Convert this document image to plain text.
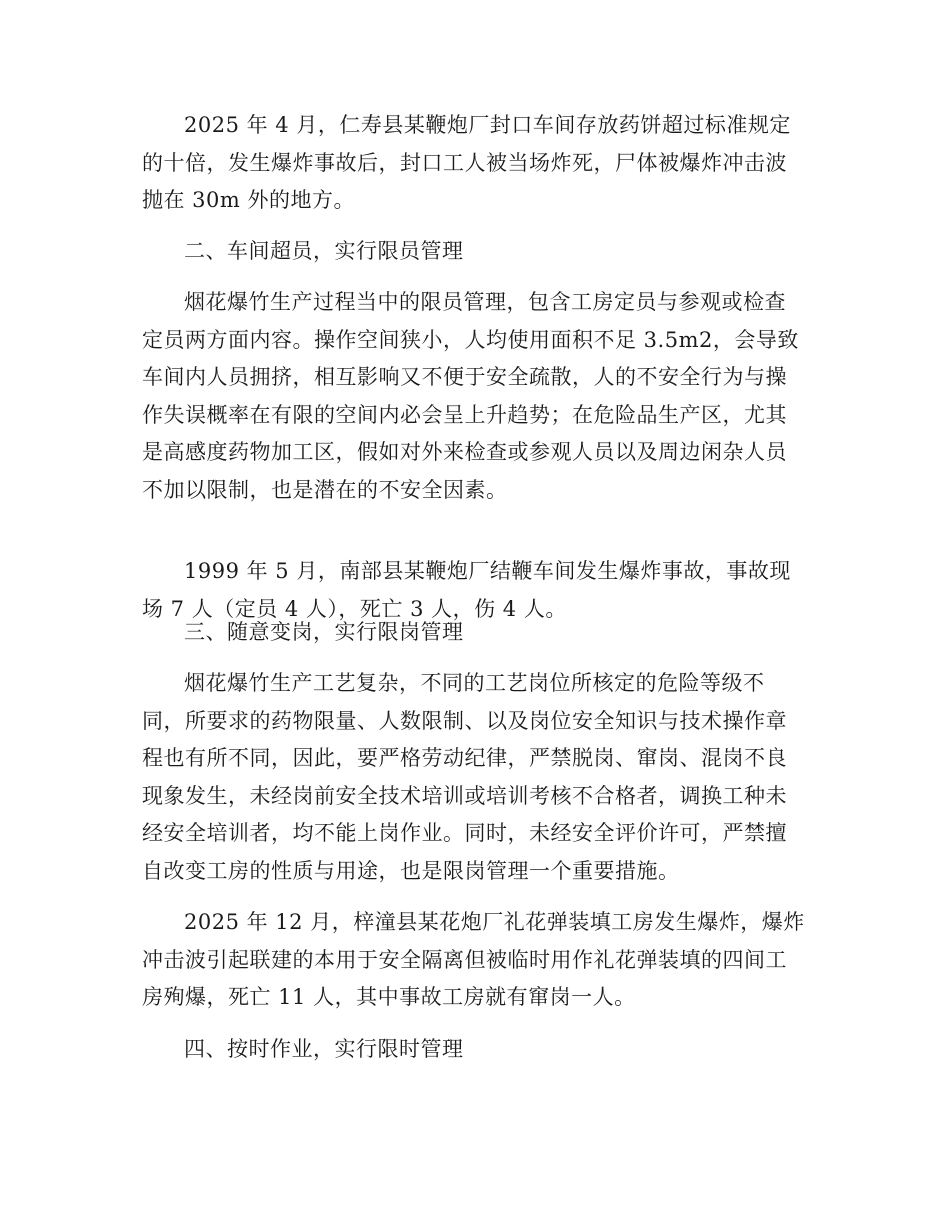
2025 年 4 月，仁寿县某鞭炮厂封口车间存放药饼超过标准规定的十倍，发生爆炸事故后，封口工人被当场炸死，尸体被爆炸冲击波抛在 30m 外的地方。

二、车间超员，实行限员管理

烟花爆竹生产过程当中的限员管理，包含工房定员与参观或检查定员两方面内容。操作空间狭小，人均使用面积不足 3.5m2，会导致车间内人员拥挤，相互影响又不便于安全疏散，人的不安全行为与操作失误概率在有限的空间内必会呈上升趋势；在危险品生产区，尤其是高感度药物加工区，假如对外来检查或参观人员以及周边闲杂人员不加以限制，也是潜在的不安全因素。

1999 年 5 月，南部县某鞭炮厂结鞭车间发生爆炸事故，事故现场 7 人（定员 4 人），死亡 3 人，伤 4 人。

三、随意变岗，实行限岗管理

烟花爆竹生产工艺复杂，不同的工艺岗位所核定的危险等级不同，所要求的药物限量、人数限制、以及岗位安全知识与技术操作章程也有所不同，因此，要严格劳动纪律，严禁脱岗、窜岗、混岗不良现象发生，未经岗前安全技术培训或培训考核不合格者，调换工种未经安全培训者，均不能上岗作业。同时，未经安全评价许可，严禁擅自改变工房的性质与用途，也是限岗管理一个重要措施。

2025 年 12 月，梓潼县某花炮厂礼花弹装填工房发生爆炸，爆炸冲击波引起联建的本用于安全隔离但被临时用作礼花弹装填的四间工房殉爆，死亡 11 人，其中事故工房就有窜岗一人。

四、按时作业，实行限时管理
